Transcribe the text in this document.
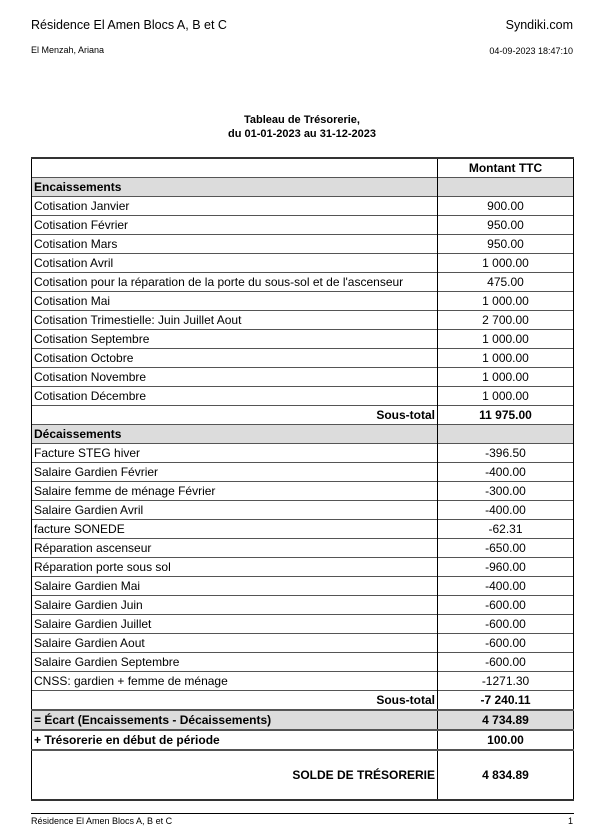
Résidence El Amen Blocs A, B et C	Syndiki.com
El Menzah, Ariana	04-09-2023 18:47:10
Tableau de Trésorerie,
du 01-01-2023 au 31-12-2023
	Montant TTC
Encaissements	
Cotisation Janvier	900.00
Cotisation Février	950.00
Cotisation Mars	950.00
Cotisation Avril	1 000.00
Cotisation pour la réparation de la porte du sous-sol et de l'ascenseur	475.00
Cotisation Mai	1 000.00
Cotisation Trimestielle: Juin Juillet Aout	2 700.00
Cotisation Septembre	1 000.00
Cotisation Octobre	1 000.00
Cotisation Novembre	1 000.00
Cotisation Décembre	1 000.00
Sous-total	11 975.00
Décaissements	
Facture STEG hiver	-396.50
Salaire Gardien Février	-400.00
Salaire femme de ménage Février	-300.00
Salaire Gardien Avril	-400.00
facture SONEDE	-62.31
Réparation ascenseur	-650.00
Réparation porte sous sol	-960.00
Salaire Gardien Mai	-400.00
Salaire Gardien Juin	-600.00
Salaire Gardien Juillet	-600.00
Salaire Gardien Aout	-600.00
Salaire Gardien Septembre	-600.00
CNSS: gardien + femme de ménage	-1271.30
Sous-total	-7 240.11
= Écart (Encaissements - Décaissements)	4 734.89
+ Trésorerie en début de période	100.00
SOLDE DE TRÉSORERIE	4 834.89
Résidence El Amen Blocs A, B et C	1
